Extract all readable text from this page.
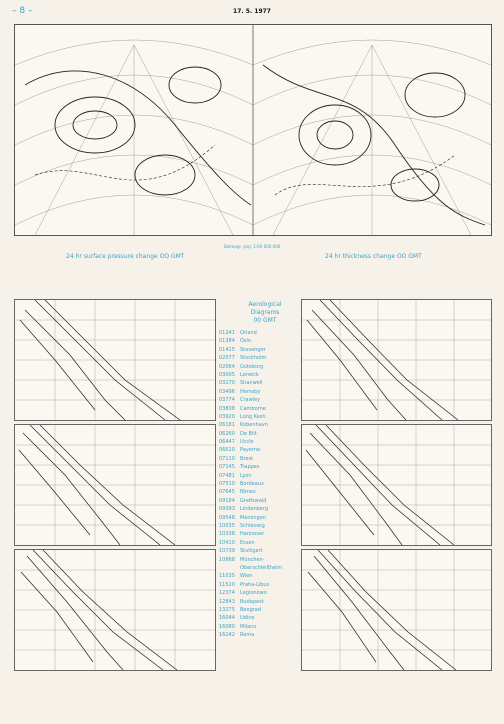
– 8 –	17. 5. 1977
Stereogr. proj. 1:60 000 000
24 hr surface pressure change OO GMT	24 hr thickness change OO GMT
Aerological
Diagrams
00 GMT
01241	Orland
01384	Oslo
01415	Stavanger
02077	Stockholm
02064	Goteborg
03005	Lerwick
03170	Shanwell
03496	Hemsby
03774	Crawley
03808	Camborne
03920	Long Kesh
06181	Kobenhavn
06260	De Bilt
06447	Uccle
06610	Payerne
07110	Brest
07145	Trappes
07481	Lyon
07510	Bordeaux
07645	Nimes
09184	Greifswald
09393	Lindenberg
09548	Meiningen
10035	Schleswig
10338	Hannover
10410	Essen
10739	Stuttgart
10868	München-
Oberschleißheim
11035	Wien
11520	Praha-Libus
12374	Legionowo
12843	Budapest
13275	Beograd
16044	Udine
16080	Milano
16242	Roma
